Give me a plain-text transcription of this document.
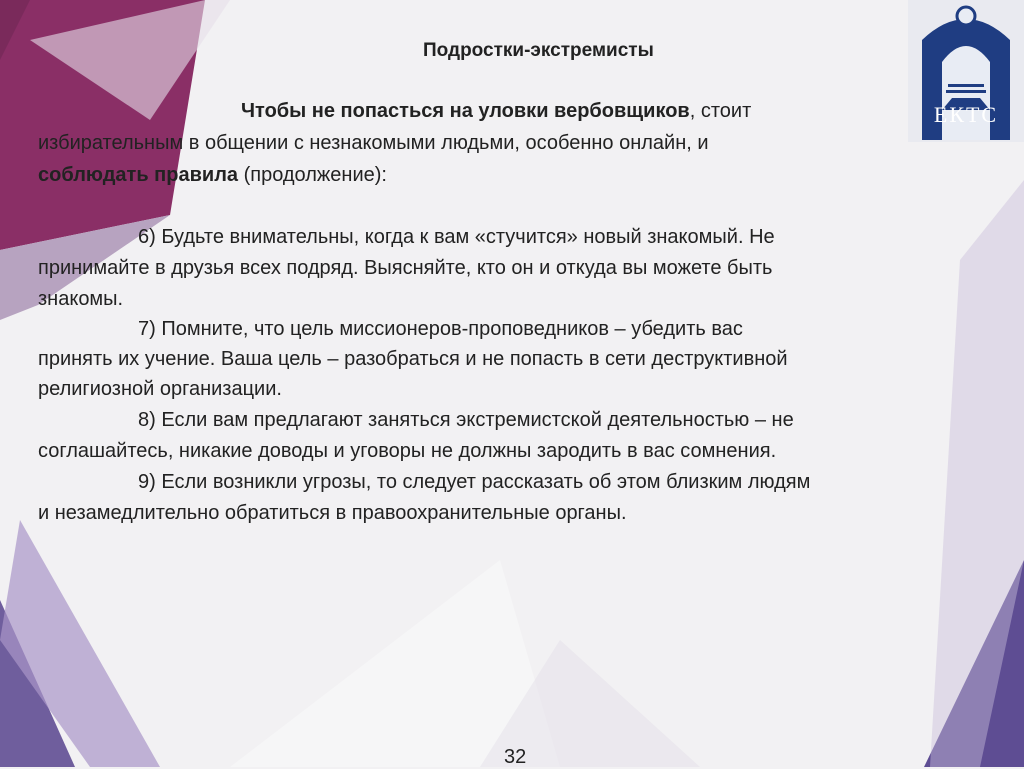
ЕКТС
Подростки-экстремисты
Чтобы не попасться на уловки вербовщиков, стоит
избирательным в общении с незнакомыми людьми, особенно онлайн, и
соблюдать правила (продолжение):
6) Будьте внимательны, когда к вам «стучится» новый знакомый. Не
принимайте в друзья всех подряд. Выясняйте, кто он и откуда вы можете быть
знакомы.
7) Помните, что цель миссионеров-проповедников – убедить вас
принять их учение. Ваша цель – разобраться и не попасть в сети деструктивной
религиозной организации.
8) Если вам предлагают заняться экстремистской деятельностью – не
соглашайтесь, никакие доводы и уговоры не должны зародить в вас сомнения.
9) Если возникли угрозы, то следует рассказать об этом близким людям
и незамедлительно обратиться в правоохранительные органы.
32
